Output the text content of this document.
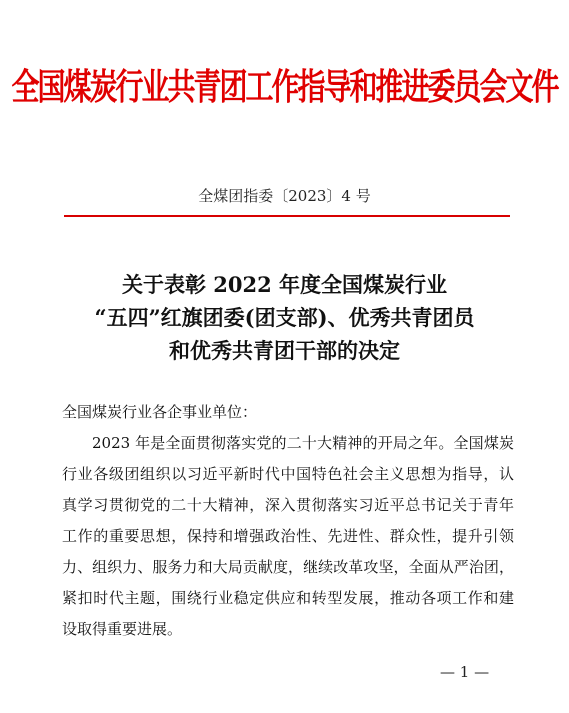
全国煤炭行业共青团工作指导和推进委员会文件
全煤团指委〔2023〕4 号
关于表彰 2022 年度全国煤炭行业
“五四”红旗团委(团支部)、优秀共青团员
和优秀共青团干部的决定
全国煤炭行业各企事业单位：
2023 年是全面贯彻落实党的二十大精神的开局之年。全国煤炭
行业各级团组织以习近平新时代中国特色社会主义思想为指导，认
真学习贯彻党的二十大精神，深入贯彻落实习近平总书记关于青年
工作的重要思想，保持和增强政治性、先进性、群众性，提升引领
力、组织力、服务力和大局贡献度，继续改革攻坚，全面从严治团，
紧扣时代主题，围绕行业稳定供应和转型发展，推动各项工作和建
设取得重要进展。
— 1 —
